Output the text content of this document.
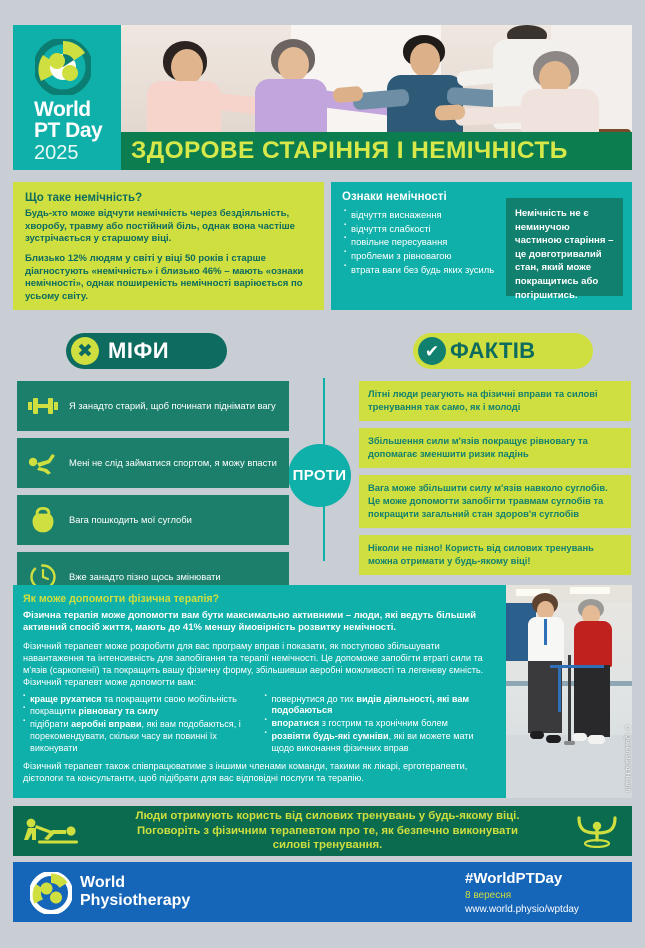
World
PT Day
2025	ЗДОРОВЕ СТАРІННЯ І НЕМІЧНІСТЬ
Що таке немічність?

Будь-хто може відчути немічність через бездіяльність, хворобу, травму або постійний біль, однак вона частіше зустрічається у старшому віці.

Близько 12% людям у світі у віці 50 років і старше діагностують «немічність» і близько 46% – мають «ознаки немічності», однак поширеність немічності варіюється по усьому світу.

Ознаки немічності
▪ відчуття виснаження
▪ відчуття слабкості
▪ повільне пересування
▪ проблеми з рівновагою
▪ втрата ваги без будь яких зусиль
Немічність не є неминучою частиною старіння – це довготривалий стан, який може покращитись або погіршитись.
✖ МІФИ	✔ ФАКТІВ
ПРОТИ
Я занадто старий, щоб починати піднімати вагу
Мені не слід займатися спортом, я можу впасти
Вага пошкодить мої суглоби
Вже занадто пізно щось змінювати
Літні люди реагують на фізичні вправи та силові тренування так само, як і молоді
Збільшення сили м'язів покращує рівновагу та допомагає зменшити ризик падінь
Вага може збільшити силу м'язів навколо суглобів. Це може допомогти запобігти травмам суглобів та покращити загальний стан здоров'я суглобів
Ніколи не пізно! Користь від силових тренувань можна отримати у будь-якому віці!
Як може допомогти фізична терапія?

Фізична терапія може допомогти вам бути максимально активними – люди, які ведуть більший активний спосіб життя, мають до 41% меншу ймовірність розвитку немічності.

Фізичний терапевт може розробити для вас програму вправ і показати, як поступово збільшувати навантаження та інтенсивність для запобігання та терапії немічності. Це допоможе запобігти втраті сили та м'язів (саркопенії) та покращить вашу фізичну форму, збільшивши аеробні можливості та легеневу ємність. Фізичний терапевт може допомогти вам:

▪ краще рухатися та покращити свою мобільність
▪ покращити рівновагу та силу
▪ підібрати аеробні вправи, які вам подобаються, і порекомендувати, скільки часу ви повинні їх виконувати
▪ повернутися до тих видів діяльності, які вам подобаються
▪ впоратися з гострим та хронічним болем
▪ розвіяти будь-які сумніви, які ви можете мати щодо виконання фізичних вправ

Фізичний терапевт також співпрацюватиме з іншими членами команди, такими як лікарі, ерготерапевти, дієтологи та консультанти, щоб підібрати для вас відповідні послуги та терапію.	© Queensland Health
Люди отримують користь від силових тренувань у будь-якому віці.
Поговоріть з фізичним терапевтом про те, як безпечно виконувати
силові тренування.
World
Physiotherapy
#WorldPTDay
8 вересня
www.world.physio/wptday
